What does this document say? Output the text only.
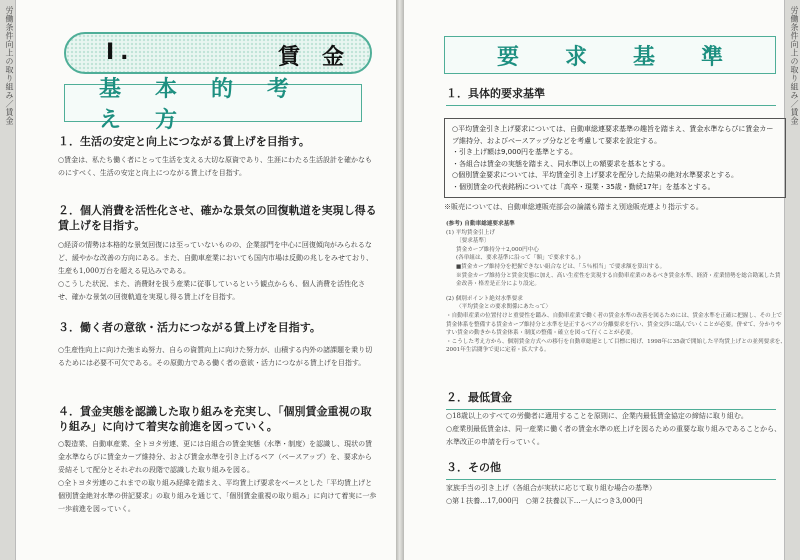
労働条件向上の取り組み／賃金	Ⅰ.	賃　金
基本的考え方
１．生活の安定と向上につながる賃上げを目指す。

○賃金は、私たち働く者にとって生活を支える大切な原資であり、生涯にわたる生活設計を確かなものにすべく、生活の安定と向上につながる賃上げを目指す。

２．個人消費を活性化させ、確かな景気の回復軌道を実現し得る賃上げを目指す。

○経済の情勢は本格的な景気回復には至っていないものの、企業部門を中心に回復傾向がみられるなど、緩やかな改善の方向にある。また、自動車産業においても国内市場は反動の兆しをみせており、生産も1,000万台を超える見込みである。

○こうした状況、また、消費財を扱う産業に従事しているという観点からも、個人消費を活性化させ、確かな景気の回復軌道を実現し得る賃上げを目指す。

３．働く者の意欲・活力につながる賃上げを目指す。

○生産性向上に向けた弛まぬ努力、自らの資質向上に向けた努力が、山積する内外の諸課題を乗り切るためには必要不可欠である。その原動力である働く者の意欲・活力につながる賃上げを目指す。

４．賃金実態を認識した取り組みを充実し、「個別賃金重視の取り組み」に向けて着実な前進を図っていく。

○製造業、自動車産業、全トヨタ労連、更には自組合の賃金実態（水準・制度）を認識し、現状の賃金水準ならびに賃金カーブ維持分、および賃金水準を引き上げるベア（ベースアップ）を、要求から妥結そして配分とそれぞれの段階で認識した取り組みを図る。

○全トヨタ労連のこれまでの取り組み経緯を踏まえ、平均賃上げ要求をベースとした「平均賃上げと個別賃金絶対水準の併記要求」の取り組みを通じて、「個別賃金重視の取り組み」に向けて着実に一歩一歩前進を図っていく。

労働条件向上の取り組み／賃金
要求基準
１．具体的要求基準

○平均賃金引き上げ要求については、自動車総連要求基準の趣旨を踏まえ、賃金水準ならびに賃金カーブ維持分、およびベースアップ分などを考慮して要求を設定する。

・引き上げ額は9,000円を基準とする。

・各組合は賃金の実態を踏まえ、同水準以上の額要求を基本とする。

○個別賃金要求については、平均賃金引き上げ要求を配分した結果の絶対水準要求とする。

・個別賃金の代表銘柄については「高卒・現業・35歳・勤続17年」を基本とする。

※販売については、自動車総連販売部会の論議も踏まえ別途販売連より指示する。

(参考) 自動車総連要求基準

(1) 平均賃金引上げ

〔要求基準〕

賃金カーブ維持分＋2,000円中心

(各単組は、要求基準に沿って「額」で要求する。)

■賃金カーブ維持分を把握できない組合などは、「５％相当」で要求額を算出する。

※賃金カーブ維持分と賃金実態に加え、高い生産性を実現する自動車産業のあるべき賃金水準、経済・産業情勢を総合勘案した賃金改善・格差是正分により設定。

(2) 個別ポイント絶対水準要求

〈平均賃金との要求関係にあたって〉

・自動車産業の位置付けと重要性を鑑み、自動車産業で働く者の賃金水準の改善を図るためには、賃金水準を正確に把握し、その上で賃金体系を整備する賃金カーブ維持分と水準を是正するベアの分離要求を行い、賃金交渉に臨んでいくことが必要。併せて、分かりやすい賃金の動きから賃金体系・制度の整備・確立を図って行くことが必要。

・こうした考え方から、個別賃金方式への移行を自動車総連として目標に掲げ、1998年に35歳で開始した平均賃上げとの並列要求を、2001年生活闘争で更に定着・拡大する。

２．最低賃金

○18歳以上のすべての労働者に適用することを原則に、企業内最低賃金協定の締結に取り組む。

○産業別最低賃金は、同一産業に働く者の賃金水準の底上げを図るための重要な取り組みであることから、水準改正の申請を行っていく。

３．その他

家族手当の引き上げ（各組合が実状に応じて取り組む場合の基準）

○第１扶養…17,000円　○第２扶養以下…一人につき3,000円
